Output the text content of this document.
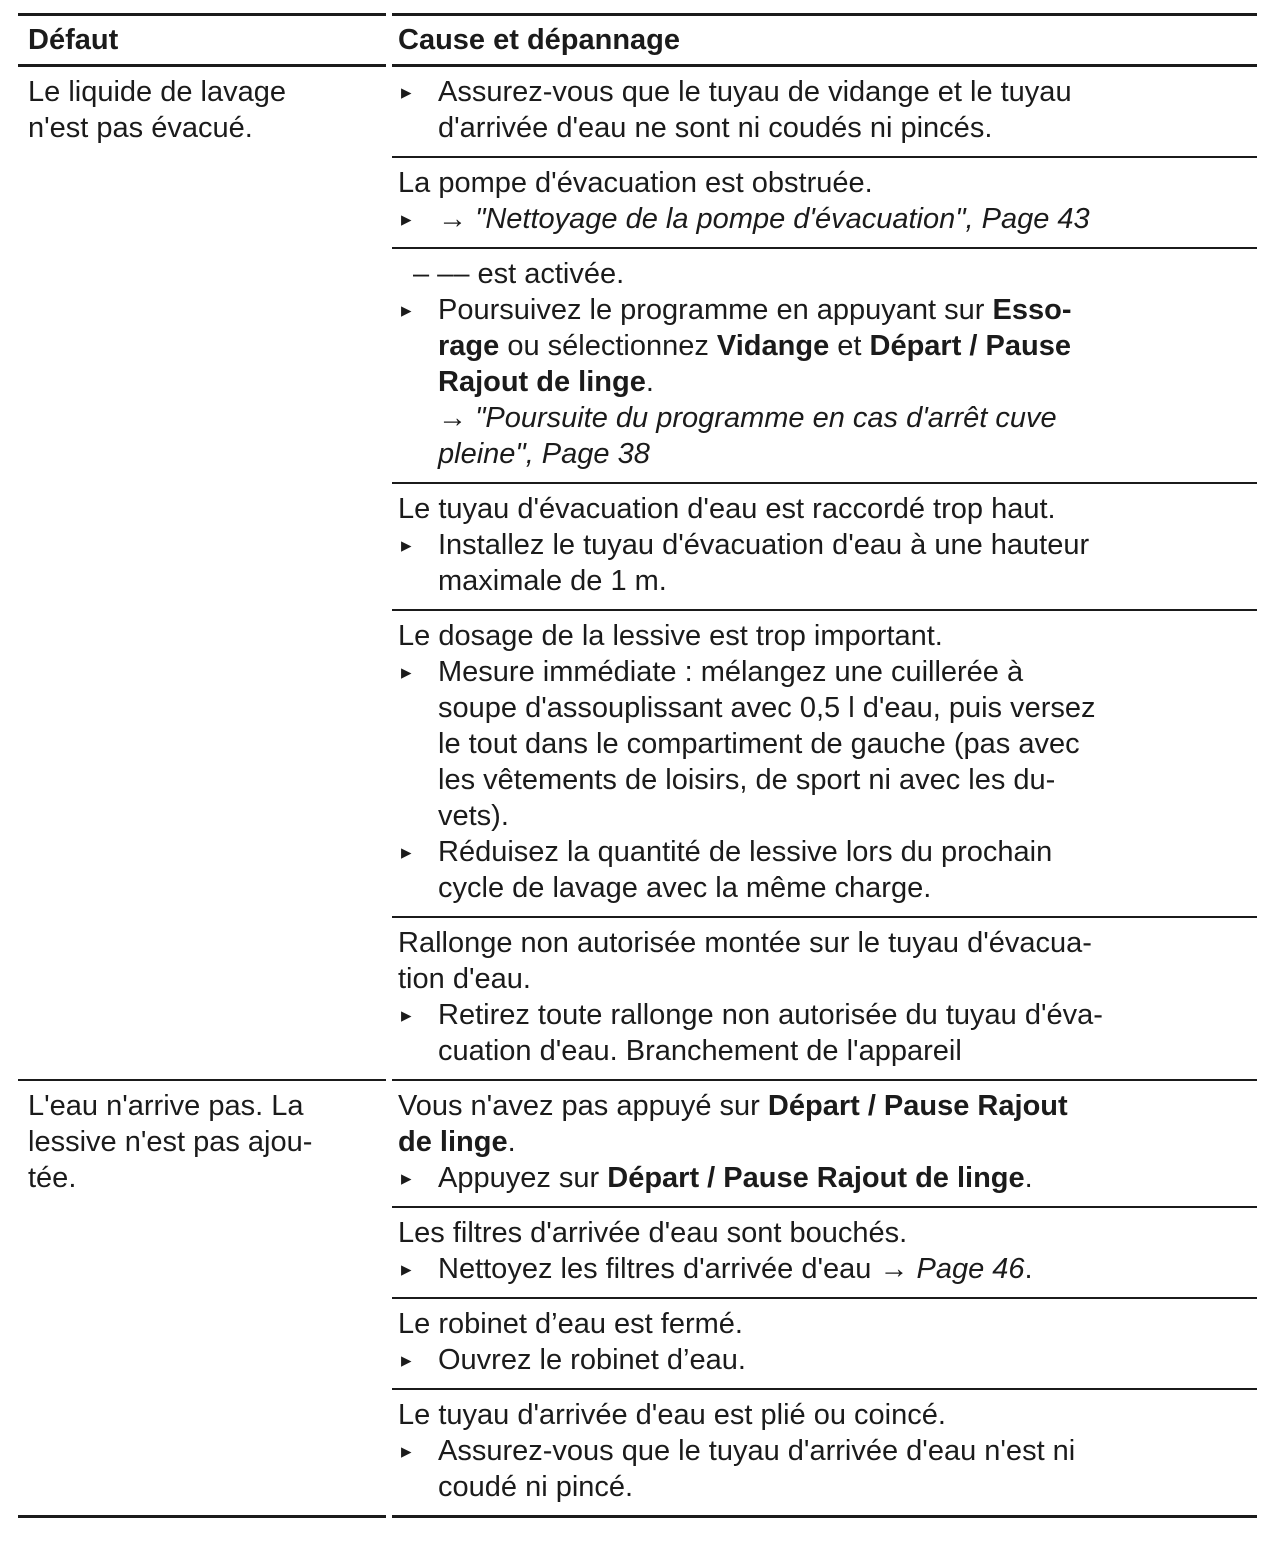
Défaut	Cause et dépannage
Le liquide de lavage
n'est pas évacué.
▸ Assurez-vous que le tuyau de vidange et le tuyau
d'arrivée d'eau ne sont ni coudés ni pincés.
La pompe d'évacuation est obstruée.
▸ → "Nettoyage de la pompe d'évacuation", Page 43
– –– est activée.
▸ Poursuivez le programme en appuyant sur Esso-
rage ou sélectionnez Vidange et Départ / Pause
Rajout de linge.
→ "Poursuite du programme en cas d'arrêt cuve
pleine", Page 38
Le tuyau d'évacuation d'eau est raccordé trop haut.
▸ Installez le tuyau d'évacuation d'eau à une hauteur
maximale de 1 m.
Le dosage de la lessive est trop important.
▸ Mesure immédiate : mélangez une cuillerée à
soupe d'assouplissant avec 0,5 l d'eau, puis versez
le tout dans le compartiment de gauche (pas avec
les vêtements de loisirs, de sport ni avec les du-
vets).
▸ Réduisez la quantité de lessive lors du prochain
cycle de lavage avec la même charge.
Rallonge non autorisée montée sur le tuyau d'évacua-
tion d'eau.
▸ Retirez toute rallonge non autorisée du tuyau d'éva-
cuation d'eau. Branchement de l'appareil
L'eau n'arrive pas. La
lessive n'est pas ajou-
tée.
Vous n'avez pas appuyé sur Départ / Pause Rajout
de linge.
▸ Appuyez sur Départ / Pause Rajout de linge.
Les filtres d'arrivée d'eau sont bouchés.
▸ Nettoyez les filtres d'arrivée d'eau → Page 46.
Le robinet d’eau est fermé.
▸ Ouvrez le robinet d’eau.
Le tuyau d'arrivée d'eau est plié ou coincé.
▸ Assurez-vous que le tuyau d'arrivée d'eau n'est ni
coudé ni pincé.
